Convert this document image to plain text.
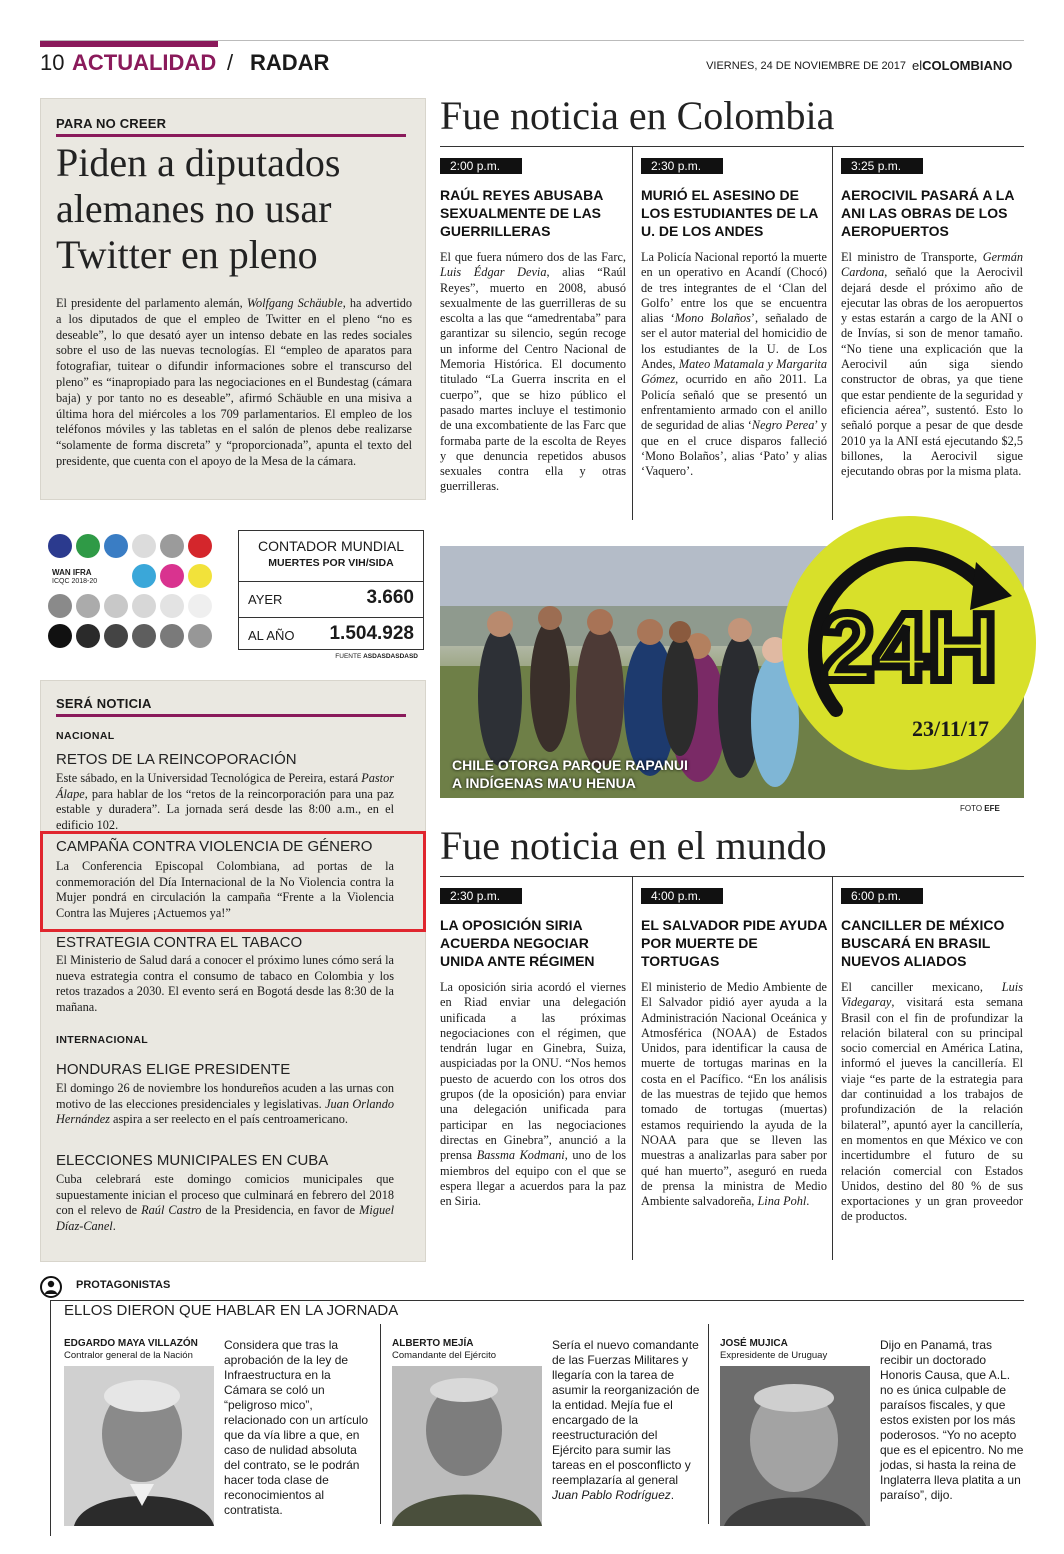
10 ACTUALIDAD / RADAR	VIERNES, 24 DE NOVIEMBRE DE 2017 elCOLOMBIANO
PARA NO CREER
Piden a diputados alemanes no usar Twitter en pleno
El presidente del parlamento alemán, Wolfgang Schäuble, ha advertido a los diputados de que el empleo de Twitter en el pleno “no es deseable”, lo que desató ayer un intenso debate en las redes sociales sobre el uso de las nuevas tecnologías. El “empleo de aparatos para fotografiar, tuitear o difundir informaciones sobre el transcurso del pleno” es “inapropiado para las negociaciones en el Bundestag (cámara baja) y por tanto no es deseable”, afirmó Schäuble en una misiva a última hora del miércoles a los 709 parlamentarios. El empleo de los teléfonos móviles y las tabletas en el salón de plenos debe realizarse “solamente de forma discreta” y “proporcionada”, apunta el texto del presidente, que cuenta con el apoyo de la Mesa de la cámara.
WAN IFRA
ICQC 2018-20
CONTADOR MUNDIAL
MUERTES POR VIH/SIDA
AYER	3.660
AL AÑO 1.504.928
FUENTE ASDASDASDASD
SERÁ NOTICIA
NACIONAL
RETOS DE LA REINCOPORACIÓN
Este sábado, en la Universidad Tecnológica de Pereira, estará Pastor Álape, para hablar de los “retos de la reincorporación para una paz estable y duradera”. La jornada será desde las 8:00 a.m., en el edificio 102.
CAMPAÑA CONTRA VIOLENCIA DE GÉNERO
La Conferencia Episcopal Colombiana, ad portas de la conmemoración del Día Internacional de la No Violencia contra la Mujer pondrá en circulación la campaña “Frente a la Violencia Contra las Mujeres ¡Actuemos ya!”
ESTRATEGIA CONTRA EL TABACO
El Ministerio de Salud dará a conocer el próximo lunes cómo será la nueva estrategia contra el consumo de tabaco en Colombia y los retos trazados a 2030. El evento será en Bogotá desde las 8:30 de la mañana.
INTERNACIONAL
HONDURAS ELIGE PRESIDENTE
El domingo 26 de noviembre los hondureños acuden a las urnas con motivo de las elecciones presidenciales y legislativas. Juan Orlando Hernández aspira a ser reelecto en el país centroamericano.
ELECCIONES MUNICIPALES EN CUBA
Cuba celebrará este domingo comicios municipales que supuestamente inician el proceso que culminará en febrero del 2018 con el relevo de Raúl Castro de la Presidencia, en favor de Miguel Díaz-Canel.
Fue noticia en Colombia
2:00 p.m.
RAÚL REYES ABUSABA SEXUALMENTE DE LAS GUERRILLERAS
El que fuera número dos de las Farc, Luis Édgar Devia, alias “Raúl Reyes”, muerto en 2008, abusó sexualmente de las guerrilleras de su escolta a las que “amedrentaba” para garantizar su silencio, según recoge un informe del Centro Nacional de Memoria Histórica. El documento titulado “La Guerra inscrita en el cuerpo”, que se hizo público el pasado martes incluye el testimonio de una excombatiente de las Farc que formaba parte de la escolta de Reyes y que denuncia repetidos abusos sexuales contra ella y otras guerrilleras.
2:30 p.m.
MURIÓ EL ASESINO DE LOS ESTUDIANTES DE LA U. DE LOS ANDES
La Policía Nacional reportó la muerte en un operativo en Acandí (Chocó) de tres integrantes de el ‘Clan del Golfo’ entre los que se encuentra alias ‘Mono Bolaños’, señalado de ser el autor material del homicidio de los estudiantes de la U. de Los Andes, Mateo Matamala y Margarita Gómez, ocurrido en año 2011. La Policía señaló que se presentó un enfrentamiento armado con el anillo de seguridad de alias ‘Negro Perea’ y que en el cruce disparos falleció ‘Mono Bolaños’, alias ‘Pato’ y alias ‘Vaquero’.
3:25 p.m.
AEROCIVIL PASARÁ A LA ANI LAS OBRAS DE LOS AEROPUERTOS
El ministro de Transporte, Germán Cardona, señaló que la Aerocivil dejará desde el próximo año de ejecutar las obras de los aeropuertos y estas estarán a cargo de la ANI o de Invías, si son de menor tamaño. “No tiene una explicación que la Aerocivil aún siga siendo constructor de obras, ya que tiene que estar pendiente de la seguridad y eficiencia aérea”, sustentó. Esto lo señaló porque a pesar de que desde 2010 ya la ANI está ejecutando $2,5 billones, la Aerocivil sigue ejecutando obras por la misma plata.
24H
23/11/17
CHILE OTORGA PARQUE RAPANUI
A INDÍGENAS MA’U HENUA
FOTO EFE
Fue noticia en el mundo
2:30 p.m.
LA OPOSICIÓN SIRIA ACUERDA NEGOCIAR UNIDA ANTE RÉGIMEN
La oposición siria acordó el viernes en Riad enviar una delegación unificada a las próximas negociaciones con el régimen, que tendrán lugar en Ginebra, Suiza, auspiciadas por la ONU. “Nos hemos puesto de acuerdo con los otros dos grupos (de la oposición) para enviar una delegación unificada para participar en las negociaciones directas en Ginebra”, anunció a la prensa Bassma Kodmani, uno de los miembros del equipo con el que se espera llegar a acuerdos para la paz en Siria.
4:00 p.m.
EL SALVADOR PIDE AYUDA POR MUERTE DE TORTUGAS
El ministerio de Medio Ambiente de El Salvador pidió ayer ayuda a la Administración Nacional Oceánica y Atmosférica (NOAA) de Estados Unidos, para identificar la causa de muerte de tortugas marinas en la costa en el Pacífico. “En los análisis de las muestras de tejido que hemos tomado de tortugas (muertas) estamos requiriendo la ayuda de la NOAA para que se lleven las muestras a analizarlas para saber por qué han muerto”, aseguró en rueda de prensa la ministra de Medio Ambiente salvadoreña, Lina Pohl.
6:00 p.m.
CANCILLER DE MÉXICO BUSCARÁ EN BRASIL NUEVOS ALIADOS
El canciller mexicano, Luis Videgaray, visitará esta semana Brasil con el fin de profundizar la relación bilateral con su principal socio comercial en América Latina, informó el jueves la cancillería. El viaje “es parte de la estrategia para dar continuidad a los trabajos de profundización de la relación bilateral”, apuntó ayer la cancillería, en momentos en que México ve con incertidumbre el futuro de su relación comercial con Estados Unidos, destino del 80 % de sus exportaciones y un gran proveedor de productos.
PROTAGONISTAS
ELLOS DIERON QUE HABLAR EN LA JORNADA
EDGARDO MAYA VILLAZÓN
Contralor general de la Nación
Considera que tras la aprobación de la ley de Infraestructura en la Cámara se coló un “peligroso mico”, relacionado con un artículo que da vía libre a que, en caso de nulidad absoluta del contrato, se le podrán hacer toda clase de reconocimientos al contratista.
ALBERTO MEJÍA
Comandante del Ejército
Sería el nuevo comandante de las Fuerzas Militares y llegaría con la tarea de asumir la reorganización de la entidad. Mejía fue el encargado de la reestructuración del Ejército para sumir las tareas en el posconflicto y reemplazaría al general Juan Pablo Rodríguez.
JOSÉ MUJICA
Expresidente de Uruguay
Dijo en Panamá, tras recibir un doctorado Honoris Causa, que A.L. no es única culpable de paraísos fiscales, y que estos existen por los más poderosos. “Yo no acepto que es el epicentro. No me jodas, si hasta la reina de Inglaterra lleva platita a un paraíso”, dijo.
